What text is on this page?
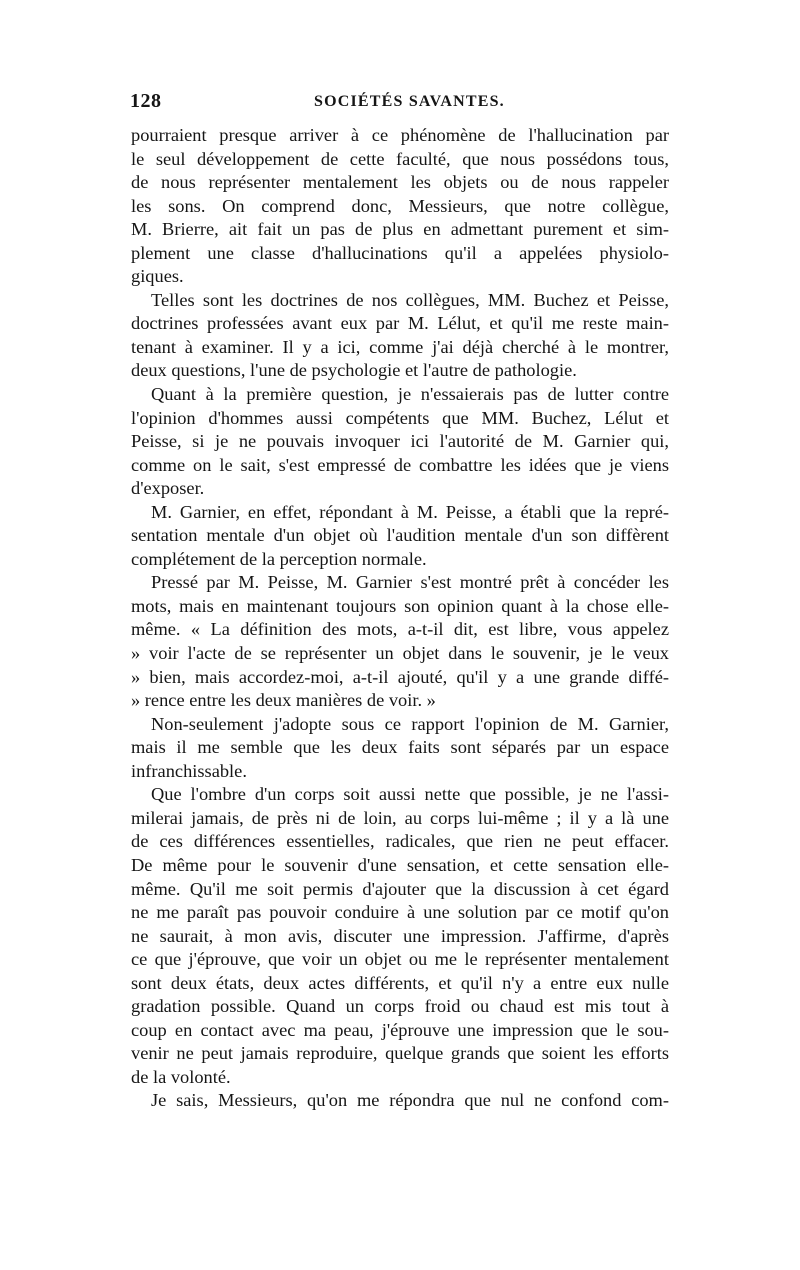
128	SOCIÉTÉS SAVANTES.
pourraient presque arriver à ce phénomène de l'hallucination par
le seul développement de cette faculté, que nous possédons tous,
de nous représenter mentalement les objets ou de nous rappeler
les sons. On comprend donc, Messieurs, que notre collègue,
M. Brierre, ait fait un pas de plus en admettant purement et sim-
plement une classe d'hallucinations qu'il a appelées physiolo-
giques.
Telles sont les doctrines de nos collègues, MM. Buchez et Peisse,
doctrines professées avant eux par M. Lélut, et qu'il me reste main-
tenant à examiner. Il y a ici, comme j'ai déjà cherché à le montrer,
deux questions, l'une de psychologie et l'autre de pathologie.
Quant à la première question, je n'essaierais pas de lutter contre
l'opinion d'hommes aussi compétents que MM. Buchez, Lélut et
Peisse, si je ne pouvais invoquer ici l'autorité de M. Garnier qui,
comme on le sait, s'est empressé de combattre les idées que je viens
d'exposer.
M. Garnier, en effet, répondant à M. Peisse, a établi que la repré-
sentation mentale d'un objet où l'audition mentale d'un son diffèrent
complétement de la perception normale.
Pressé par M. Peisse, M. Garnier s'est montré prêt à concéder les
mots, mais en maintenant toujours son opinion quant à la chose elle-
même. « La définition des mots, a-t-il dit, est libre, vous appelez
» voir l'acte de se représenter un objet dans le souvenir, je le veux
» bien, mais accordez-moi, a-t-il ajouté, qu'il y a une grande diffé-
» rence entre les deux manières de voir. »
Non-seulement j'adopte sous ce rapport l'opinion de M. Garnier,
mais il me semble que les deux faits sont séparés par un espace
infranchissable.
Que l'ombre d'un corps soit aussi nette que possible, je ne l'assi-
milerai jamais, de près ni de loin, au corps lui-même ; il y a là une
de ces différences essentielles, radicales, que rien ne peut effacer.
De même pour le souvenir d'une sensation, et cette sensation elle-
même. Qu'il me soit permis d'ajouter que la discussion à cet égard
ne me paraît pas pouvoir conduire à une solution par ce motif qu'on
ne saurait, à mon avis, discuter une impression. J'affirme, d'après
ce que j'éprouve, que voir un objet ou me le représenter mentalement
sont deux états, deux actes différents, et qu'il n'y a entre eux nulle
gradation possible. Quand un corps froid ou chaud est mis tout à
coup en contact avec ma peau, j'éprouve une impression que le sou-
venir ne peut jamais reproduire, quelque grands que soient les efforts
de la volonté.
Je sais, Messieurs, qu'on me répondra que nul ne confond com-
